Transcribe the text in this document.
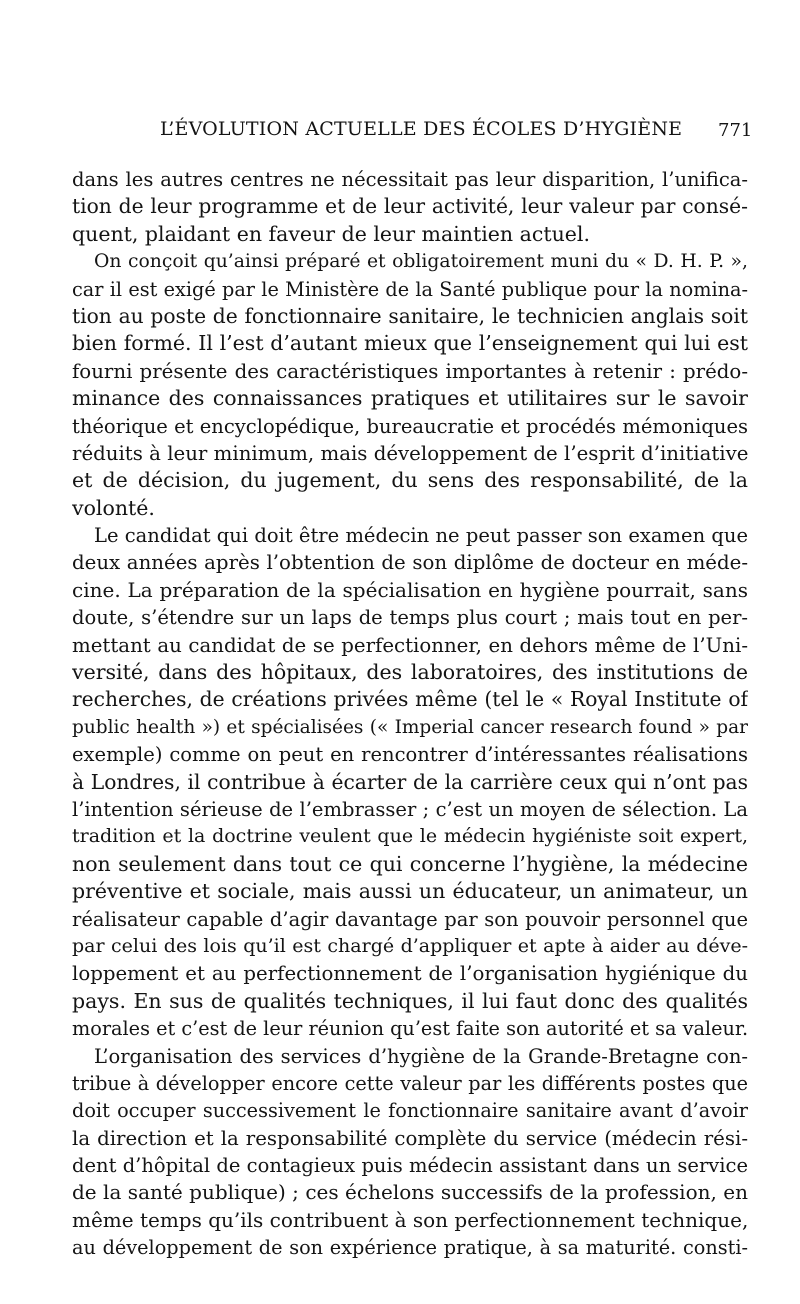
L’ÉVOLUTION ACTUELLE DES ÉCOLES D’HYGIÈNE 771
dans les autres centres ne nécessitait pas leur disparition, l’unifica-
tion de leur programme et de leur activité, leur valeur par consé-
quent, plaidant en faveur de leur maintien actuel.
On conçoit qu’ainsi préparé et obligatoirement muni du « D. H. P. »,
car il est exigé par le Ministère de la Santé publique pour la nomina-
tion au poste de fonctionnaire sanitaire, le technicien anglais soit
bien formé. Il l’est d’autant mieux que l’enseignement qui lui est
fourni présente des caractéristiques importantes à retenir : prédo-
minance des connaissances pratiques et utilitaires sur le savoir
théorique et encyclopédique, bureaucratie et procédés mémoniques
réduits à leur minimum, mais développement de l’esprit d’initiative
et de décision, du jugement, du sens des responsabilité, de la
volonté.
Le candidat qui doit être médecin ne peut passer son examen que
deux années après l’obtention de son diplôme de docteur en méde-
cine. La préparation de la spécialisation en hygiène pourrait, sans
doute, s’étendre sur un laps de temps plus court ; mais tout en per-
mettant au candidat de se perfectionner, en dehors même de l’Uni-
versité, dans des hôpitaux, des laboratoires, des institutions de
recherches, de créations privées même (tel le « Royal Institute of
public health ») et spécialisées (« Imperial cancer research found » par
exemple) comme on peut en rencontrer d’intéressantes réalisations
à Londres, il contribue à écarter de la carrière ceux qui n’ont pas
l’intention sérieuse de l’embrasser ; c’est un moyen de sélection. La
tradition et la doctrine veulent que le médecin hygiéniste soit expert,
non seulement dans tout ce qui concerne l’hygiène, la médecine
préventive et sociale, mais aussi un éducateur, un animateur, un
réalisateur capable d’agir davantage par son pouvoir personnel que
par celui des lois qu’il est chargé d’appliquer et apte à aider au déve-
loppement et au perfectionnement de l’organisation hygiénique du
pays. En sus de qualités techniques, il lui faut donc des qualités
morales et c’est de leur réunion qu’est faite son autorité et sa valeur.
L’organisation des services d’hygiène de la Grande-Bretagne con-
tribue à développer encore cette valeur par les différents postes que
doit occuper successivement le fonctionnaire sanitaire avant d’avoir
la direction et la responsabilité complète du service (médecin rési-
dent d’hôpital de contagieux puis médecin assistant dans un service
de la santé publique) ; ces échelons successifs de la profession, en
même temps qu’ils contribuent à son perfectionnement technique,
au développement de son expérience pratique, à sa maturité. consti-
